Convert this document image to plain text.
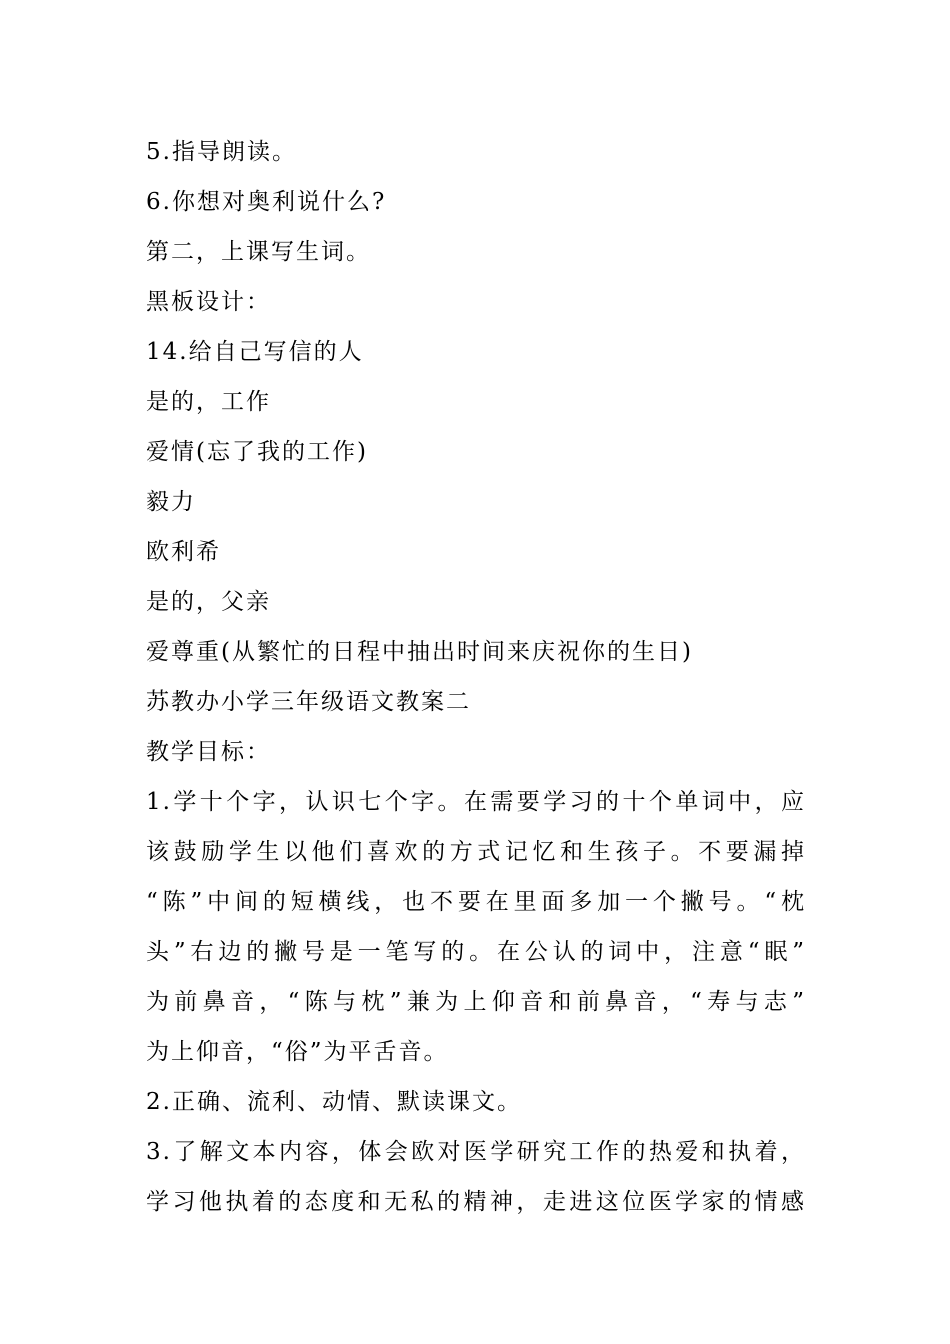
5.指导朗读。
6.你想对奥利说什么?
第二，上课写生词。
黑板设计：
14.给自己写信的人
是的，工作
爱情(忘了我的工作)
毅力
欧利希
是的，父亲
爱尊重(从繁忙的日程中抽出时间来庆祝你的生日)
苏教办小学三年级语文教案二
教学目标：
1.学十个字，认识七个字。在需要学习的十个单词中，应
该鼓励学生以他们喜欢的方式记忆和生孩子。不要漏掉
“陈”中间的短横线，也不要在里面多加一个撇号。“枕
头”右边的撇号是一笔写的。在公认的词中，注意“眠”
为前鼻音，“陈与枕”兼为上仰音和前鼻音，“寿与志”
为上仰音，“俗”为平舌音。
2.正确、流利、动情、默读课文。
3.了解文本内容，体会欧对医学研究工作的热爱和执着，
学习他执着的态度和无私的精神，走进这位医学家的情感
